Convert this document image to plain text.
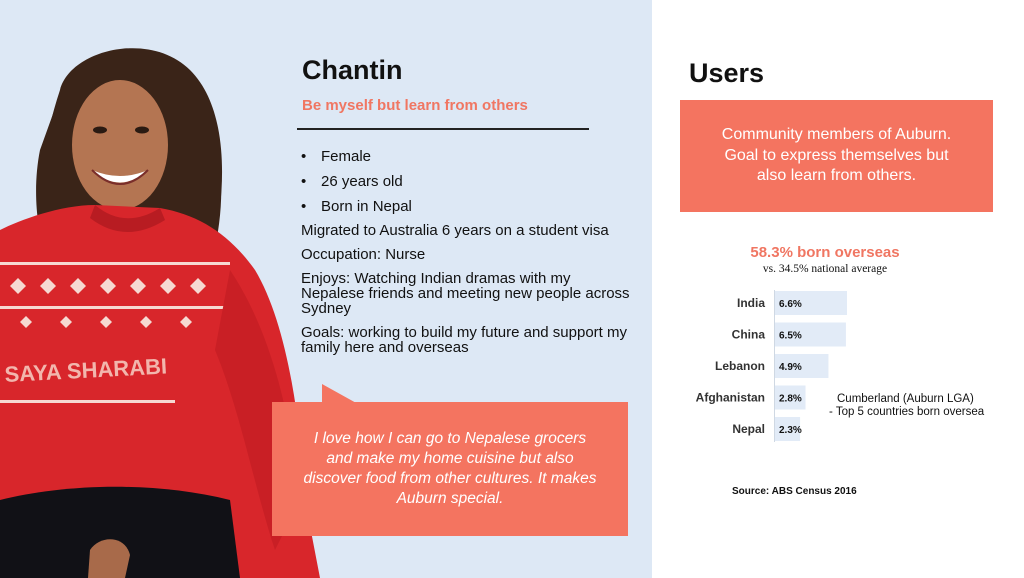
SAYA SHARABI
Chantin
Be myself but learn from others
• Female
• 26 years old
• Born in Nepal

Migrated to Australia 6 years on a student visa

Occupation: Nurse

Enjoys: Watching Indian dramas with my Nepalese friends and meeting new people across Sydney

Goals: working to build my future and support my family here and overseas

I love how I can go to Nepalese grocers and make my home cuisine but also discover food from other cultures. It makes Auburn special.
Users
Community members of Auburn. Goal to express themselves but also learn from others.
58.3% born overseas
vs. 34.5% national average
India 6.6%
China 6.5%
Lebanon 4.9%
Afghanistan 2.8%
Nepal 2.3%
Cumberland (Auburn LGA)
- Top 5 countries born oversea
Source: ABS Census 2016
